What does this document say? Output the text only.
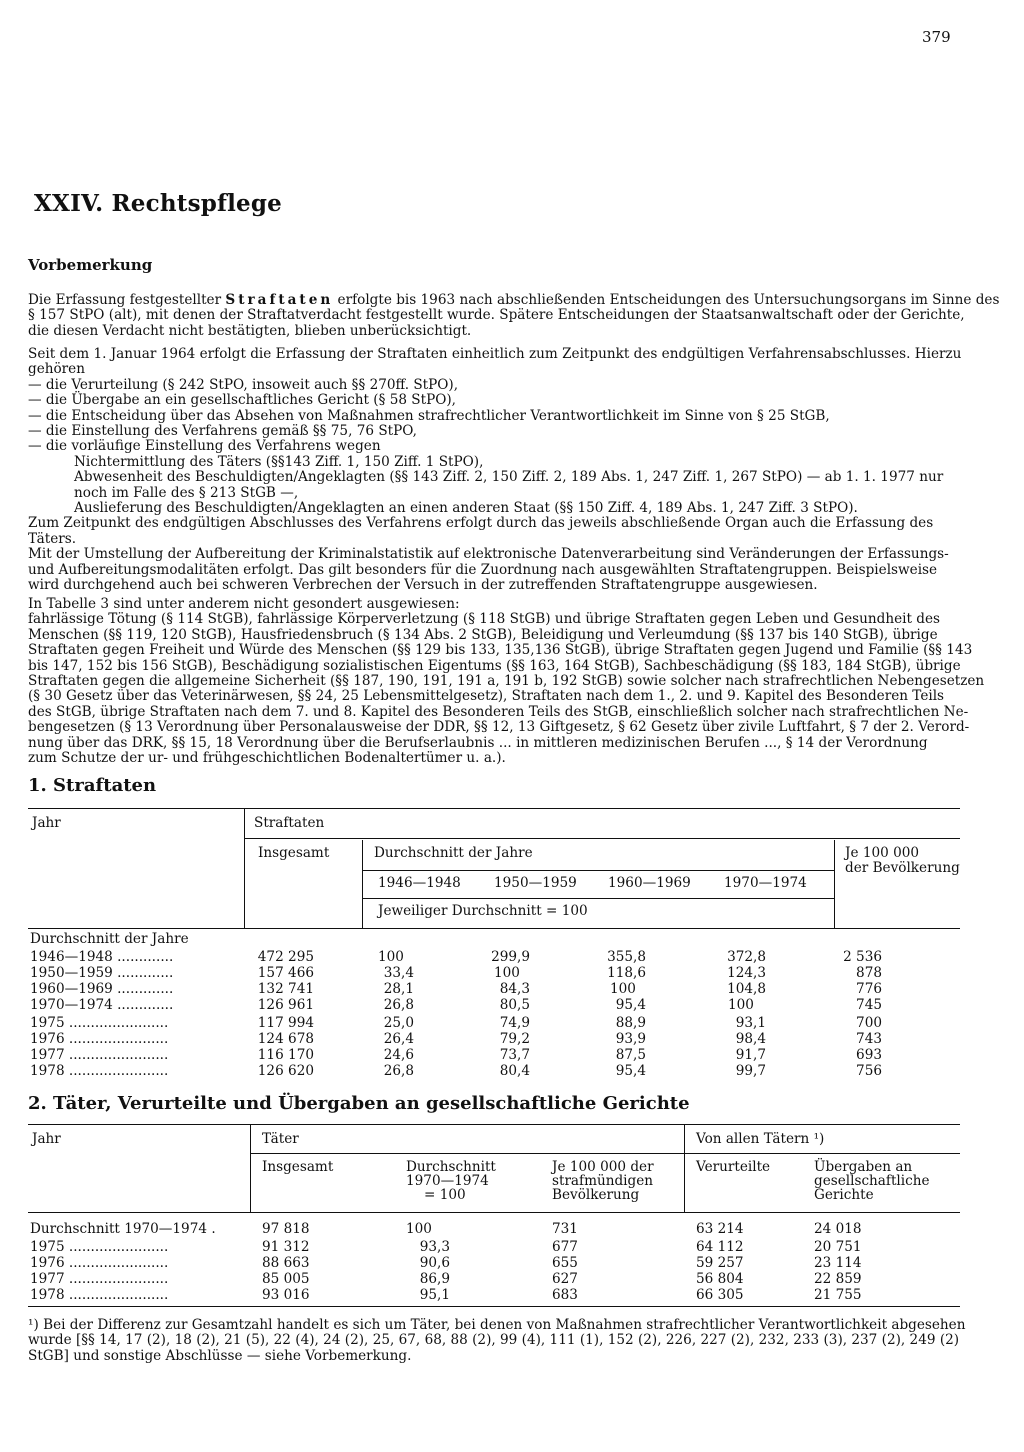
379
XXIV. Rechtspflege
Vorbemerkung
Die Erfassung festgestellter Straftaten erfolgte bis 1963 nach abschließenden Entscheidungen des Untersuchungsorgans im Sinne des
§ 157 StPO (alt), mit denen der Straftatverdacht festgestellt wurde. Spätere Entscheidungen der Staatsanwaltschaft oder der Gerichte,
die diesen Verdacht nicht bestätigten, blieben unberücksichtigt.
Seit dem 1. Januar 1964 erfolgt die Erfassung der Straftaten einheitlich zum Zeitpunkt des endgültigen Verfahrensabschlusses. Hierzu
gehören
— die Verurteilung (§ 242 StPO, insoweit auch §§ 270ff. StPO),
— die Übergabe an ein gesellschaftliches Gericht (§ 58 StPO),
— die Entscheidung über das Absehen von Maßnahmen strafrechtlicher Verantwortlichkeit im Sinne von § 25 StGB,
— die Einstellung des Verfahrens gemäß §§ 75, 76 StPO,
— die vorläufige Einstellung des Verfahrens wegen
Nichtermittlung des Täters (§§143 Ziff. 1, 150 Ziff. 1 StPO),
Abwesenheit des Beschuldigten/Angeklagten (§§ 143 Ziff. 2, 150 Ziff. 2, 189 Abs. 1, 247 Ziff. 1, 267 StPO) — ab 1. 1. 1977 nur
noch im Falle des § 213 StGB —,
Auslieferung des Beschuldigten/Angeklagten an einen anderen Staat (§§ 150 Ziff. 4, 189 Abs. 1, 247 Ziff. 3 StPO).
Zum Zeitpunkt des endgültigen Abschlusses des Verfahrens erfolgt durch das jeweils abschließende Organ auch die Erfassung des
Täters.
Mit der Umstellung der Aufbereitung der Kriminalstatistik auf elektronische Datenverarbeitung sind Veränderungen der Erfassungs-
und Aufbereitungsmodalitäten erfolgt. Das gilt besonders für die Zuordnung nach ausgewählten Straftatengruppen. Beispielsweise
wird durchgehend auch bei schweren Verbrechen der Versuch in der zutreffenden Straftatengruppe ausgewiesen.
In Tabelle 3 sind unter anderem nicht gesondert ausgewiesen:
fahrlässige Tötung (§ 114 StGB), fahrlässige Körperverletzung (§ 118 StGB) und übrige Straftaten gegen Leben und Gesundheit des
Menschen (§§ 119, 120 StGB), Hausfriedensbruch (§ 134 Abs. 2 StGB), Beleidigung und Verleumdung (§§ 137 bis 140 StGB), übrige
Straftaten gegen Freiheit und Würde des Menschen (§§ 129 bis 133, 135,136 StGB), übrige Straftaten gegen Jugend und Familie (§§ 143
bis 147, 152 bis 156 StGB), Beschädigung sozialistischen Eigentums (§§ 163, 164 StGB), Sachbeschädigung (§§ 183, 184 StGB), übrige
Straftaten gegen die allgemeine Sicherheit (§§ 187, 190, 191, 191 a, 191 b, 192 StGB) sowie solcher nach strafrechtlichen Nebengesetzen
(§ 30 Gesetz über das Veterinärwesen, §§ 24, 25 Lebensmittelgesetz), Straftaten nach dem 1., 2. und 9. Kapitel des Besonderen Teils
des StGB, übrige Straftaten nach dem 7. und 8. Kapitel des Besonderen Teils des StGB, einschließlich solcher nach strafrechtlichen Ne-
bengesetzen (§ 13 Verordnung über Personalausweise der DDR, §§ 12, 13 Giftgesetz, § 62 Gesetz über zivile Luftfahrt, § 7 der 2. Verord-
nung über das DRK, §§ 15, 18 Verordnung über die Berufserlaubnis ... in mittleren medizinischen Berufen ..., § 14 der Verordnung
zum Schutze der ur- und frühgeschichtlichen Bodenaltertümer u. a.).
1. Straftaten
Jahr	Straftaten
Insgesamt	Durchschnitt der Jahre
1946—1948 1950—1959 1960—1969 1970—1974
Jeweiliger Durchschnitt = 100
Je 100 000
der Bevölkerung
Durchschnitt der Jahre
1946—1948 .............	472 295	100	299,9	355,8	372,8	2 536
1950—1959 .............	157 466	33,4	100	118,6	124,3	878
1960—1969 .............	132 741	28,1	84,3	100	104,8	776
1970—1974 .............	126 961	26,8	80,5	95,4	100	745
1975 .......................	117 994	25,0	74,9	88,9	93,1	700
1976 .......................	124 678	26,4	79,2	93,9	98,4	743
1977 .......................	116 170	24,6	73,7	87,5	91,7	693
1978 .......................	126 620	26,8	80,4	95,4	99,7	756
2. Täter, Verurteilte und Übergaben an gesellschaftliche Gerichte
Jahr	Täter	Von allen Tätern ¹)
Insgesamt	Durchschnitt
1970—1974
= 100
Je 100 000 der
strafmündigen
Bevölkerung
Verurteilte	Übergaben an
gesellschaftliche
Gerichte
Durchschnitt 1970—1974 .	97 818	100	731	63 214	24 018
1975 .......................	91 312	93,3	677	64 112	20 751
1976 .......................	88 663	90,6	655	59 257	23 114
1977 .......................	85 005	86,9	627	56 804	22 859
1978 .......................	93 016	95,1	683	66 305	21 755
¹) Bei der Differenz zur Gesamtzahl handelt es sich um Täter, bei denen von Maßnahmen strafrechtlicher Verantwortlichkeit abgesehen
wurde [§§ 14, 17 (2), 18 (2), 21 (5), 22 (4), 24 (2), 25, 67, 68, 88 (2), 99 (4), 111 (1), 152 (2), 226, 227 (2), 232, 233 (3), 237 (2), 249 (2)
StGB] und sonstige Abschlüsse — siehe Vorbemerkung.
